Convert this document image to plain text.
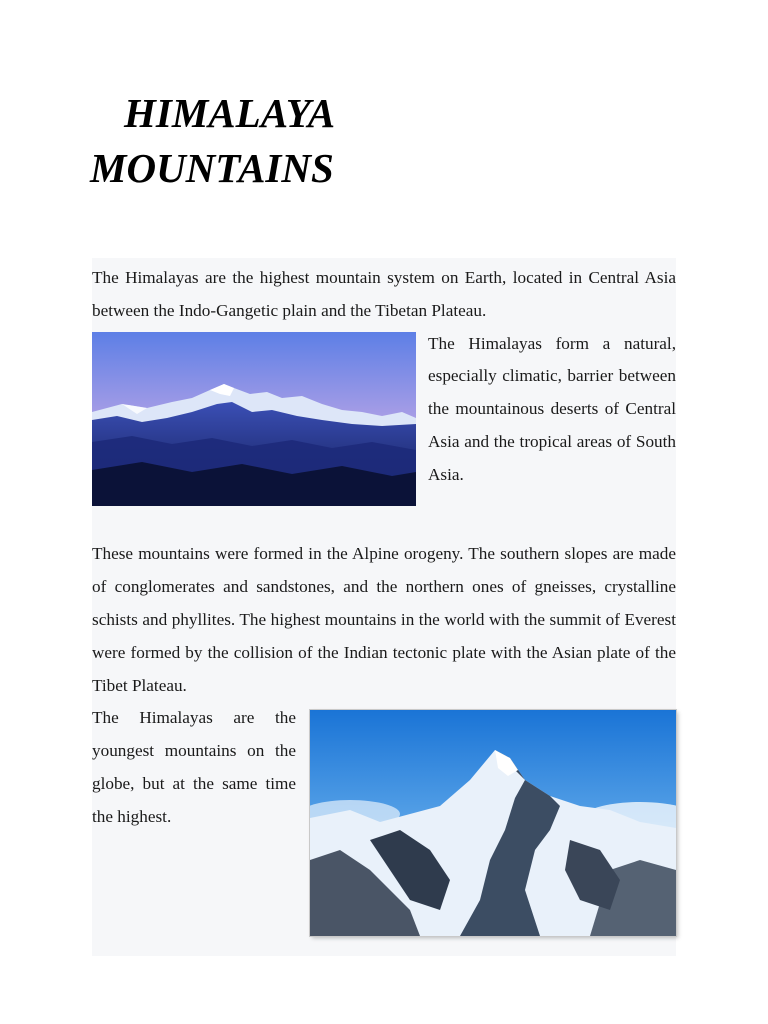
HIMALAYA
MOUNTAINS

The Himalayas are the highest mountain system on Earth, located in Central Asia between the Indo-Gangetic plain and the Tibetan Plateau.

The Himalayas form a natural, especially climatic, barrier between the mountainous deserts of Central Asia and the tropical areas of South Asia.

These mountains were formed in the Alpine orogeny. The southern slopes are made of conglomerates and sandstones, and the northern ones of gneisses, crystalline schists and phyllites. The highest mountains in the world with the summit of Everest were formed by the collision of the Indian tectonic plate with the Asian plate of the Tibet Plateau.

The Himalayas are the youngest mountains on the globe, but at the same time the highest.
